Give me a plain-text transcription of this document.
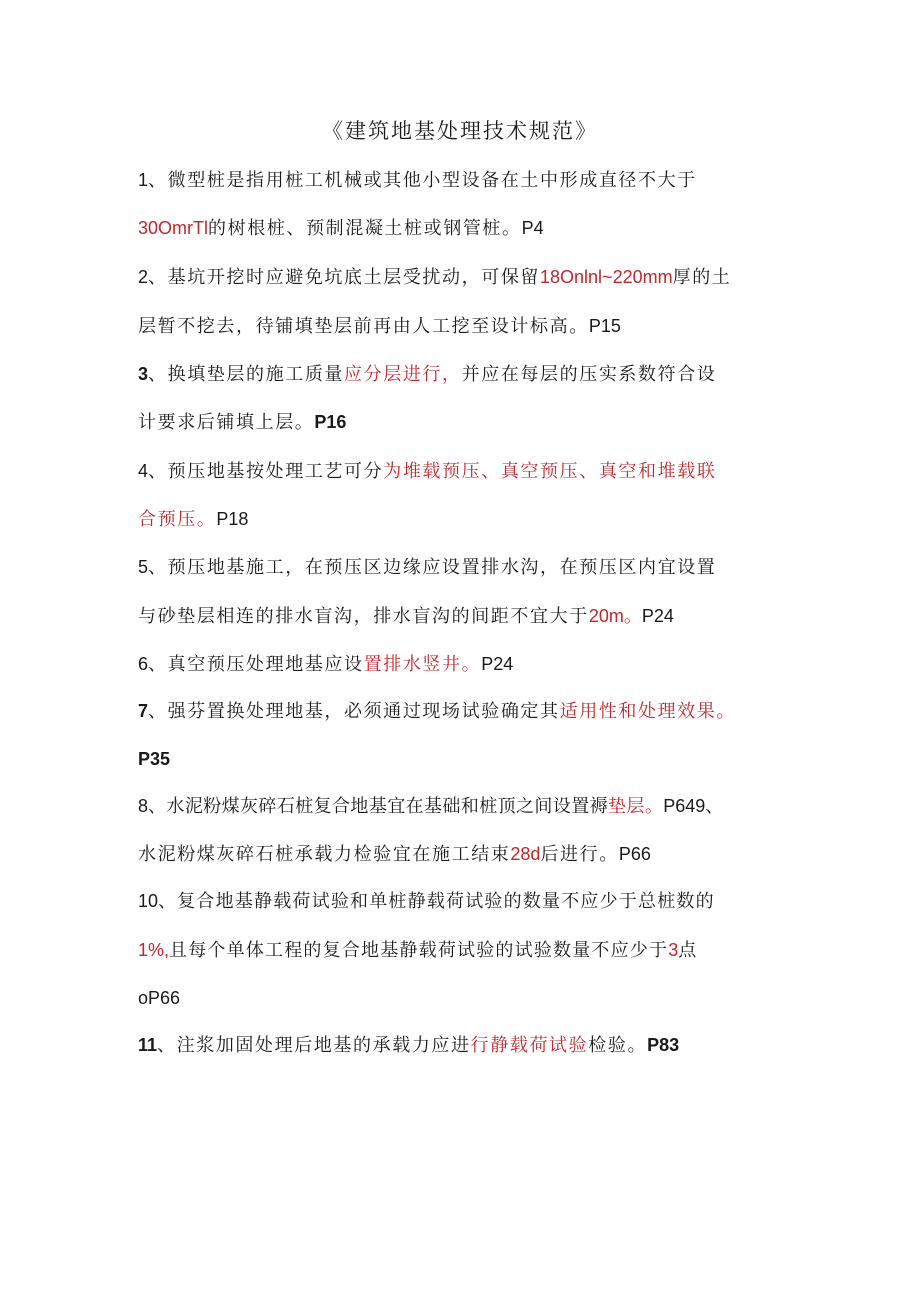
《建筑地基处理技术规范》
1、微型桩是指用桩工机械或其他小型设备在土中形成直径不大于
30OmrTl的树根桩、预制混凝土桩或钢管桩。P4
2、基坑开挖时应避免坑底土层受扰动，可保留18Onlnl~220mm厚的土
层暂不挖去，待铺填垫层前再由人工挖至设计标高。P15
3、换填垫层的施工质量应分层进行，并应在每层的压实系数符合设
计要求后铺填上层。P16
4、预压地基按处理工艺可分为堆载预压、真空预压、真空和堆载联
合预压。P18
5、预压地基施工，在预压区边缘应设置排水沟，在预压区内宜设置
与砂垫层相连的排水盲沟，排水盲沟的间距不宜大于20m。P24
6、真空预压处理地基应设置排水竖井。P24
7、强芬置换处理地基，必须通过现场试验确定其适用性和处理效果。
P35
8、水泥粉煤灰碎石桩复合地基宜在基础和桩顶之间设置褥垫层。P649、
水泥粉煤灰碎石桩承载力检验宜在施工结束28d后进行。P66
10、复合地基静载荷试验和单桩静载荷试验的数量不应少于总桩数的
1%,且每个单体工程的复合地基静载荷试验的试验数量不应少于3点
oP66
11、注浆加固处理后地基的承载力应进行静载荷试验检验。P83
